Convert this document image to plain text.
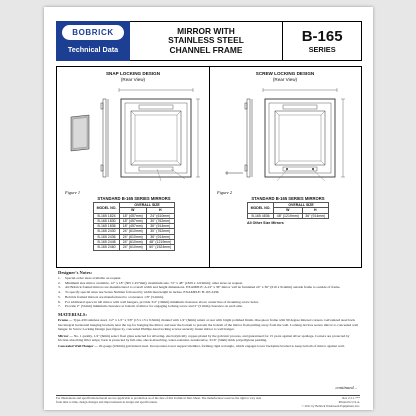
BOBRICK
Technical Data
MIRROR WITH
STAINLESS STEEL
CHANNEL FRAME
B-165
SERIES
SNAP LOCKING DESIGN
(Rear View)
Figure 1
STANDARD B-165 SERIES MIRRORS
MODEL NO.	OVERALL SIZE	
	W	H
B-165 1824	18" (457mm)	24" (610mm)
B-165 1830	18" (457mm)	30" (762mm)
B-165 1836	18" (457mm)	36" (914mm)
B-165 2430	24" (610mm)	30" (762mm)
B-165 2436	24" (610mm)	36" (914mm)
B-165 2448	24" (610mm)	48" (1219mm)
B-165 2460	24" (610mm)	60" (1524mm)
SCREW LOCKING DESIGN
(Rear View)
Figure 2
STANDARD B-165 SERIES MIRRORS
MODEL NO.	OVERALL SIZE	
	W	H
B-165 4836	48" (1219mm)	36" (914mm)
All Other Size Mirrors
Designer's Notes:
1.	Special-order sizes available on request.
2.	Minimum size mirror available, 12" x 18" (305 x 457mm); maximum size, 72" x 48" (1829 x 1219mm); other sizes on request.
3.	All Bobrick framed mirrors are manufactured to overall width and height dimensions. EXAMPLE: A 24" x 36" mirror will be furnished 24" x 36" (610 x 914mm) outside frame to outside of frame.
4.	To specify special sizes use Series Number followed by width then height in inches. EXAMPLE: B-165 2436.
5.	Bobrick framed mirrors are manufactured to a tolerance 1/8" (3.2mm).
6.	For additional space in tall mirror with wall hangers, provide 3/4" (19mm) minimum clearance above center line of mounting screw holes.
7.	Provide 2" (51mm) minimum clearance at bottom of mirror for engaging locking screw and 2" (51mm) clearance on each side.
MATERIALS:

Frame — Type-430 stainless steel, 1/2" x 1/2" x 3/8" (13 x 13 x 9.5mm) channel with 1/4" (6mm) return at rear with bright polished finish. One-piece frame with 90 degree mitered corners. Galvanized steel back has integral horizontal hanging brackets near the top for hanging the mirror and near the bottom to prevent the bottom of the mirror from pulling away from the wall. Locking devices secure mirror to concealed wall hanger. In Screw Locking Design (see figure 2), concealed Phillips-head locking screws securely fasten mirror to wall hanger.

Mirror — No. 1 quality, 1/4" (6mm) select float glass selected for silvering, electrolytically copper-plated by the galvanic process, and guaranteed for 15 years against silver spoilage. Corners are protected by friction-absorbing filler strips; back is protected by full-size, shock-absorbing, water-resistant, nonabrasive, 3/16" (5mm) thick polyethylene padding.

Concealed Wall Hanger — 20-gauge (0.9mm) galvanized steel. Incorporates lower support member, forming rigid rectangle, which engages lower backplate bracket to keep bottom of mirror against wall.

continued...
For illustrations and specifications herein are not applicable to production as of the date of this Technical Data Sheet. The manufacturer reserves the right to vary data from time to time, design changes and improvements in design and specifications.
Rev 2.5.1-***
Printed in U.S.A.
© 2011 by Bobrick Washroom Equipment, Inc.
